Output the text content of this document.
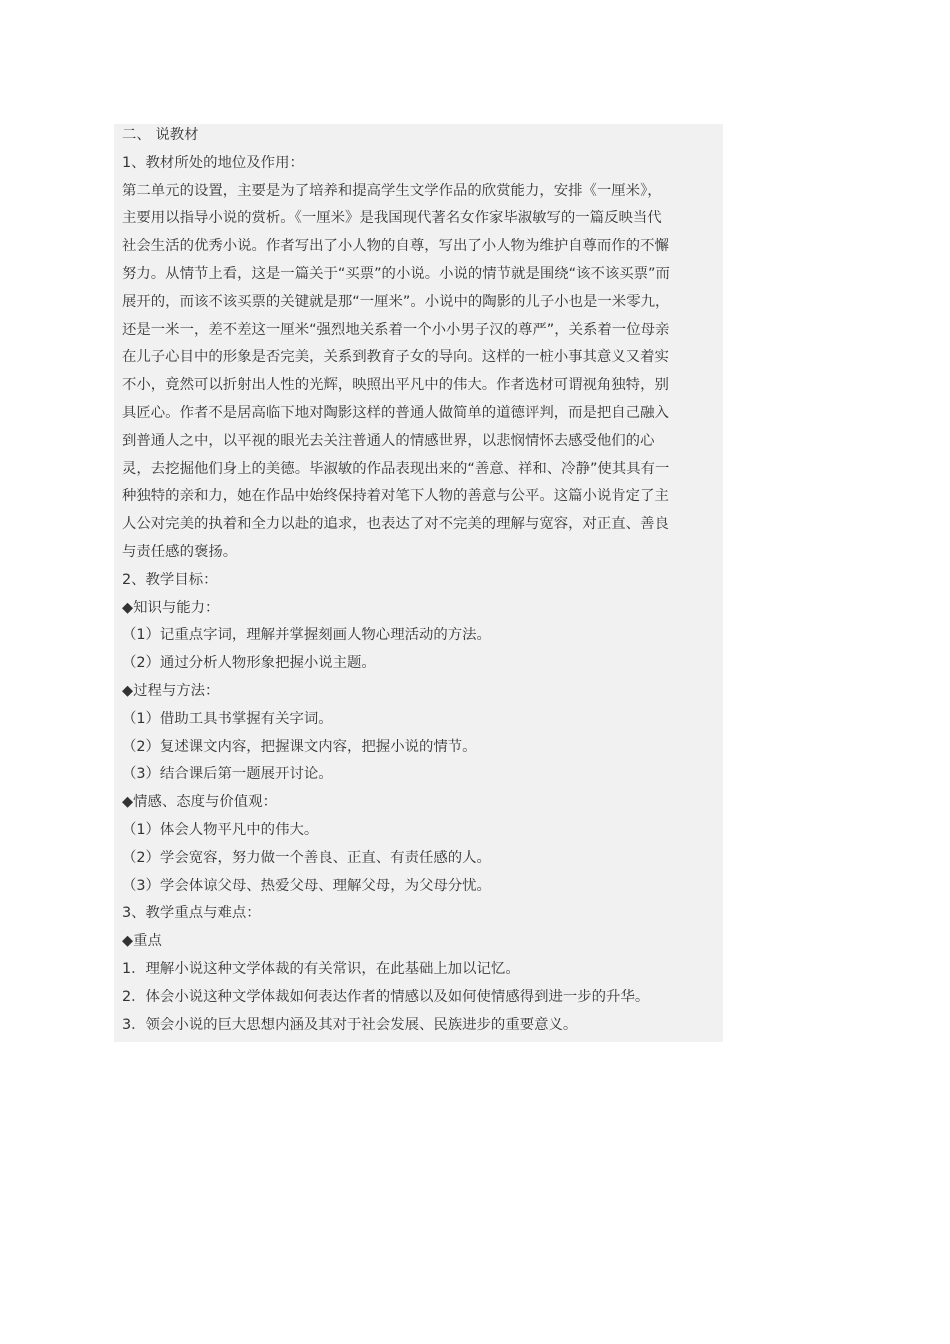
二、 说教材
1、教材所处的地位及作用：
第二单元的设置，主要是为了培养和提高学生文学作品的欣赏能力，安排《一厘米》，
主要用以指导小说的赏析。《一厘米》是我国现代著名女作家毕淑敏写的一篇反映当代
社会生活的优秀小说。作者写出了小人物的自尊，写出了小人物为维护自尊而作的不懈
努力。从情节上看，这是一篇关于“买票”的小说。小说的情节就是围绕“该不该买票”而
展开的，而该不该买票的关键就是那“一厘米”。小说中的陶影的儿子小也是一米零九，
还是一米一，差不差这一厘米“强烈地关系着一个小小男子汉的尊严”，关系着一位母亲
在儿子心目中的形象是否完美，关系到教育子女的导向。这样的一桩小事其意义又着实
不小，竟然可以折射出人性的光辉，映照出平凡中的伟大。作者选材可谓视角独特，别
具匠心。作者不是居高临下地对陶影这样的普通人做简单的道德评判，而是把自己融入
到普通人之中，以平视的眼光去关注普通人的情感世界，以悲悯情怀去感受他们的心
灵，去挖掘他们身上的美德。毕淑敏的作品表现出来的“善意、祥和、冷静”使其具有一
种独特的亲和力，她在作品中始终保持着对笔下人物的善意与公平。这篇小说肯定了主
人公对完美的执着和全力以赴的追求，也表达了对不完美的理解与宽容，对正直、善良
与责任感的褒扬。
2、教学目标：
◆知识与能力：
（1）记重点字词，理解并掌握刻画人物心理活动的方法。
（2）通过分析人物形象把握小说主题。
◆过程与方法：
（1）借助工具书掌握有关字词。
（2）复述课文内容，把握课文内容，把握小说的情节。
（3）结合课后第一题展开讨论。
◆情感、态度与价值观：
（1）体会人物平凡中的伟大。
（2）学会宽容，努力做一个善良、正直、有责任感的人。
（3）学会体谅父母、热爱父母、理解父母，为父母分忧。
3、教学重点与难点：
◆重点
1．理解小说这种文学体裁的有关常识，在此基础上加以记忆。
2．体会小说这种文学体裁如何表达作者的情感以及如何使情感得到进一步的升华。
3．领会小说的巨大思想内涵及其对于社会发展、民族进步的重要意义。
